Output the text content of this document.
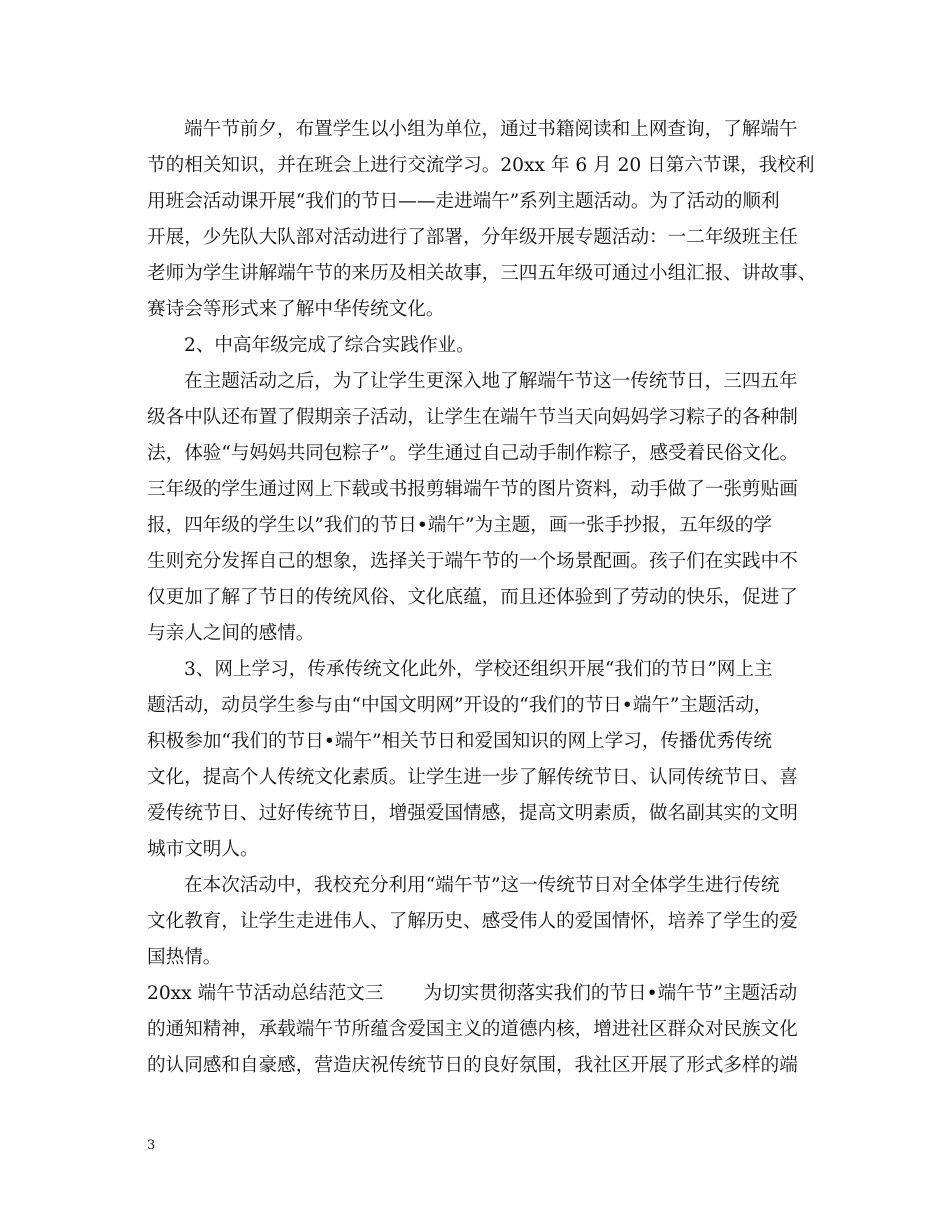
端午节前夕，布置学生以小组为单位，通过书籍阅读和上网查询，了解端午
节的相关知识，并在班会上进行交流学习。20xx 年 6 月 20 日第六节课，我校利
用班会活动课开展“我们的节日——走进端午”系列主题活动。为了活动的顺利
开展，少先队大队部对活动进行了部署，分年级开展专题活动：一二年级班主任
老师为学生讲解端午节的来历及相关故事，三四五年级可通过小组汇报、讲故事、
赛诗会等形式来了解中华传统文化。
2、中高年级完成了综合实践作业。
在主题活动之后，为了让学生更深入地了解端午节这一传统节日，三四五年
级各中队还布置了假期亲子活动，让学生在端午节当天向妈妈学习粽子的各种制
法，体验“与妈妈共同包粽子”。学生通过自己动手制作粽子，感受着民俗文化。
三年级的学生通过网上下载或书报剪辑端午节的图片资料，动手做了一张剪贴画
报，四年级的学生以”我们的节日•端午”为主题，画一张手抄报，五年级的学
生则充分发挥自己的想象，选择关于端午节的一个场景配画。孩子们在实践中不
仅更加了解了节日的传统风俗、文化底蕴，而且还体验到了劳动的快乐，促进了
与亲人之间的感情。
3、网上学习，传承传统文化此外，学校还组织开展“我们的节日”网上主
题活动，动员学生参与由“中国文明网”开设的“我们的节日•端午”主题活动，
积极参加“我们的节日•端午”相关节日和爱国知识的网上学习，传播优秀传统
文化，提高个人传统文化素质。让学生进一步了解传统节日、认同传统节日、喜
爱传统节日、过好传统节日，增强爱国情感，提高文明素质，做名副其实的文明
城市文明人。
在本次活动中，我校充分利用“端午节”这一传统节日对全体学生进行传统
文化教育，让学生走进伟人、了解历史、感受伟人的爱国情怀，培养了学生的爱
国热情。
20xx 端午节活动总结范文三 为切实贯彻落实我们的节日•端午节”主题活动
的通知精神，承载端午节所蕴含爱国主义的道德内核，增进社区群众对民族文化
的认同感和自豪感，营造庆祝传统节日的良好氛围，我社区开展了形式多样的端
3
